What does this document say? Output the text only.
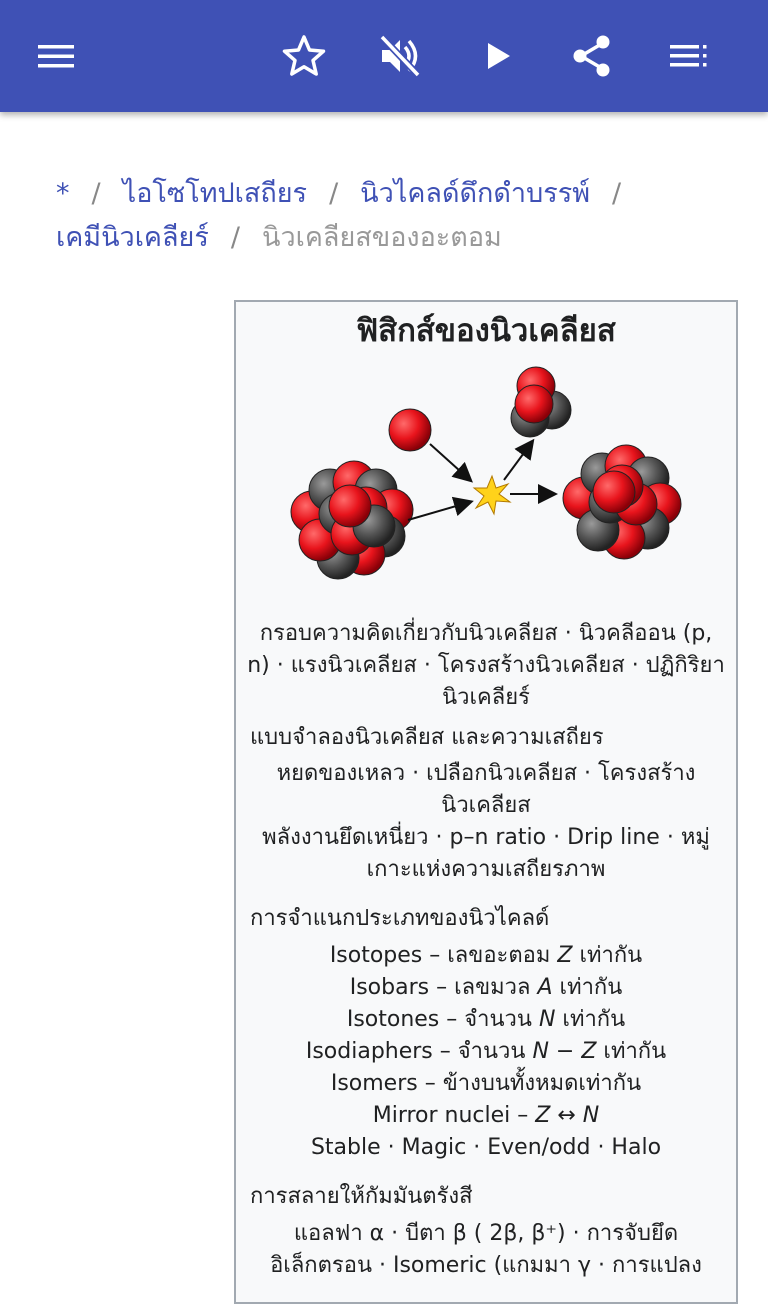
* / ไอโซโทปเสถียร / นิวไคลด์ดึกดำบรรพ์ /
เคมีนิวเคลียร์ / นิวเคลียสของอะตอม
ฟิสิกส์ของนิวเคลียส
กรอบความคิดเกี่ยวกับนิวเคลียส · นิวคลีออน (p,
n) · แรงนิวเคลียส · โครงสร้างนิวเคลียส · ปฏิกิริยา
นิวเคลียร์
แบบจำลองนิวเคลียส และความเสถียร
หยดของเหลว · เปลือกนิวเคลียส · โครงสร้าง
นิวเคลียส
พลังงานยึดเหนี่ยว · p–n ratio · Drip line · หมู่
เกาะแห่งความเสถียรภาพ
การจำแนกประเภทของนิวไคลด์
Isotopes – เลขอะตอม Z เท่ากัน
Isobars – เลขมวล A เท่ากัน
Isotones – จำนวน N เท่ากัน
Isodiaphers – จำนวน N − Z เท่ากัน
Isomers – ข้างบนทั้งหมดเท่ากัน
Mirror nuclei – Z ↔ N
Stable · Magic · Even/odd · Halo
การสลายให้กัมมันตรังสี
แอลฟา α · บีตา β ( 2β, β⁺) · การจับยึด
อิเล็กตรอน · Isomeric (แกมมา γ · การแปลง
